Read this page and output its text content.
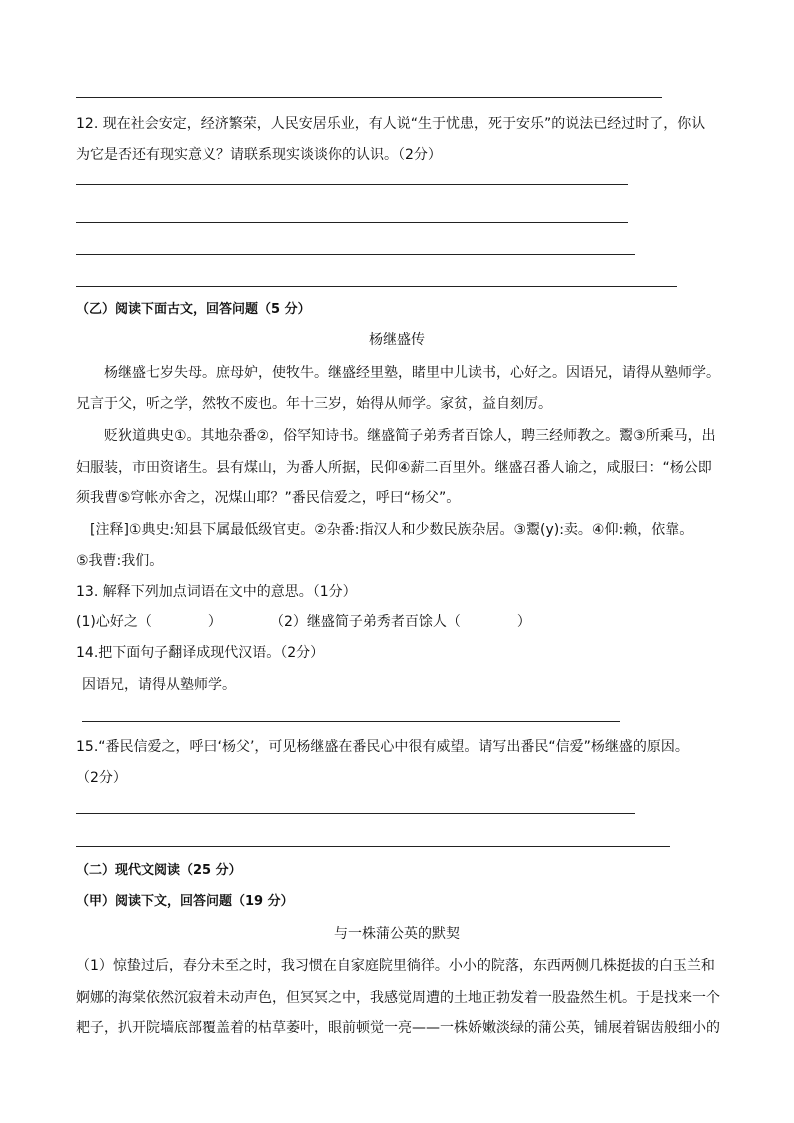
12. 现在社会安定，经济繁荣，人民安居乐业，有人说“生于忧患，死于安乐”的说法已经过时了，你认
为它是否还有现实意义？请联系现实谈谈你的认识。（2分）
（乙）阅读下面古文，回答问题（5 分）
杨继盛传
杨继盛七岁失母。庶母妒，使牧牛。继盛经里塾，睹里中儿读书，心好之。因语兄，请得从塾师学。
兄言于父，听之学，然牧不废也。年十三岁，始得从师学。家贫，益自刻厉。
贬狄道典史①。其地杂番②，俗罕知诗书。继盛简子弟秀者百馀人，聘三经师教之。鬻③所乘马，出
妇服装，市田资诸生。县有煤山，为番人所据，民仰④薪二百里外。继盛召番人谕之，咸服曰：“杨公即
须我曹⑤穹帐亦舍之，况煤山耶？”番民信爱之，呼曰“杨父”。
[注释]①典史:知县下属最低级官吏。②杂番:指汉人和少数民族杂居。③鬻(y):卖。④仰:赖，依靠。
⑤我曹:我们。
13. 解释下列加点词语在文中的意思。（1分）
(1)心好之（　　　　）	（2）继盛简子弟秀者百馀人（　　　　）
14.把下面句子翻译成现代汉语。（2分）
因语兄，请得从塾师学。
15.“番民信爱之，呼曰‘杨父’，可见杨继盛在番民心中很有威望。请写出番民“信爱”杨继盛的原因。
（2分）
（二）现代文阅读（25 分）
（甲）阅读下文，回答问题（19 分）
与一株蒲公英的默契
（1）惊蛰过后，春分未至之时，我习惯在自家庭院里徜徉。小小的院落，东西两侧几株挺拔的白玉兰和
婀娜的海棠依然沉寂着未动声色，但冥冥之中，我感觉周遭的土地正勃发着一股盎然生机。于是找来一个
耙子，扒开院墙底部覆盖着的枯草萎叶，眼前顿觉一亮——一株娇嫩淡绿的蒲公英，铺展着锯齿般细小的
